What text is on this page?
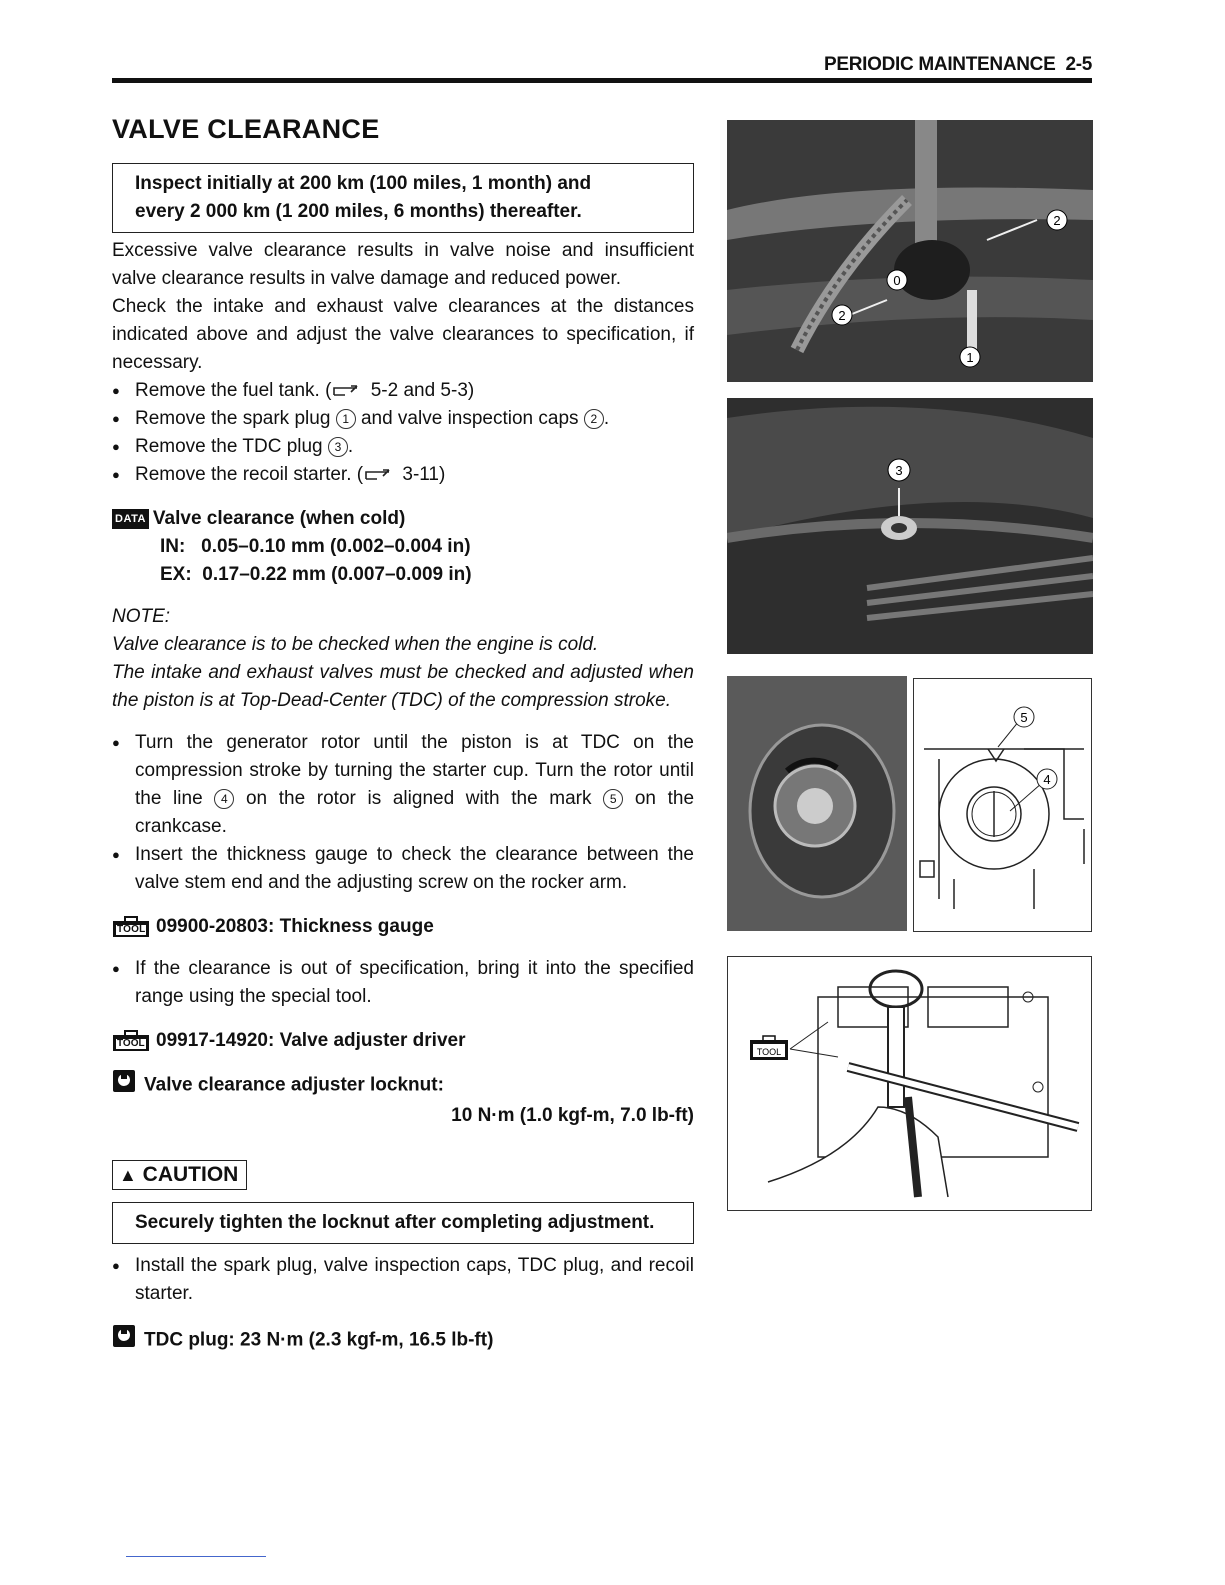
PERIODIC MAINTENANCE 2-5
VALVE CLEARANCE
Inspect initially at 200 km (100 miles, 1 month) and
every 2 000 km (1 200 miles, 6 months) thereafter.

Excessive valve clearance results in valve noise and insufficient valve clearance results in valve damage and reduced power.

Check the intake and exhaust valve clearances at the distances indicated above and adjust the valve clearances to specification, if necessary.

● Remove the fuel tank. ( 5-2 and 5-3)
● Remove the spark plug 1 and valve inspection caps 2 .
● Remove the TDC plug 3 .
● Remove the recoil starter. ( 3-11)
DATA Valve clearance (when cold)
IN: 0.05–0.10 mm (0.002–0.004 in)
EX: 0.17–0.22 mm (0.007–0.009 in)

NOTE:

Valve clearance is to be checked when the engine is cold.

The intake and exhaust valves must be checked and adjusted when the piston is at Top-Dead-Center (TDC) of the compression stroke.

● Turn the generator rotor until the piston is at TDC on the compression stroke by turning the starter cup. Turn the rotor until the line 4 on the rotor is aligned with the mark 5 on the crankcase.
● Insert the thickness gauge to check the clearance between the valve stem end and the adjusting screw on the rocker arm.
TOOL 09900-20803: Thickness gauge
● If the clearance is out of specification, bring it into the specified range using the special tool.
TOOL 09917-14920: Valve adjuster driver
Valve clearance adjuster locknut:
10 N·m (1.0 kgf-m, 7.0 lb-ft)
▲ CAUTION
Securely tighten the locknut after completing adjustment.
● Install the spark plug, valve inspection caps, TDC plug, and recoil starter.
TDC plug: 23 N·m (2.3 kgf-m, 16.5 lb-ft)
2
0
2
1
3
5
4
TOOL
